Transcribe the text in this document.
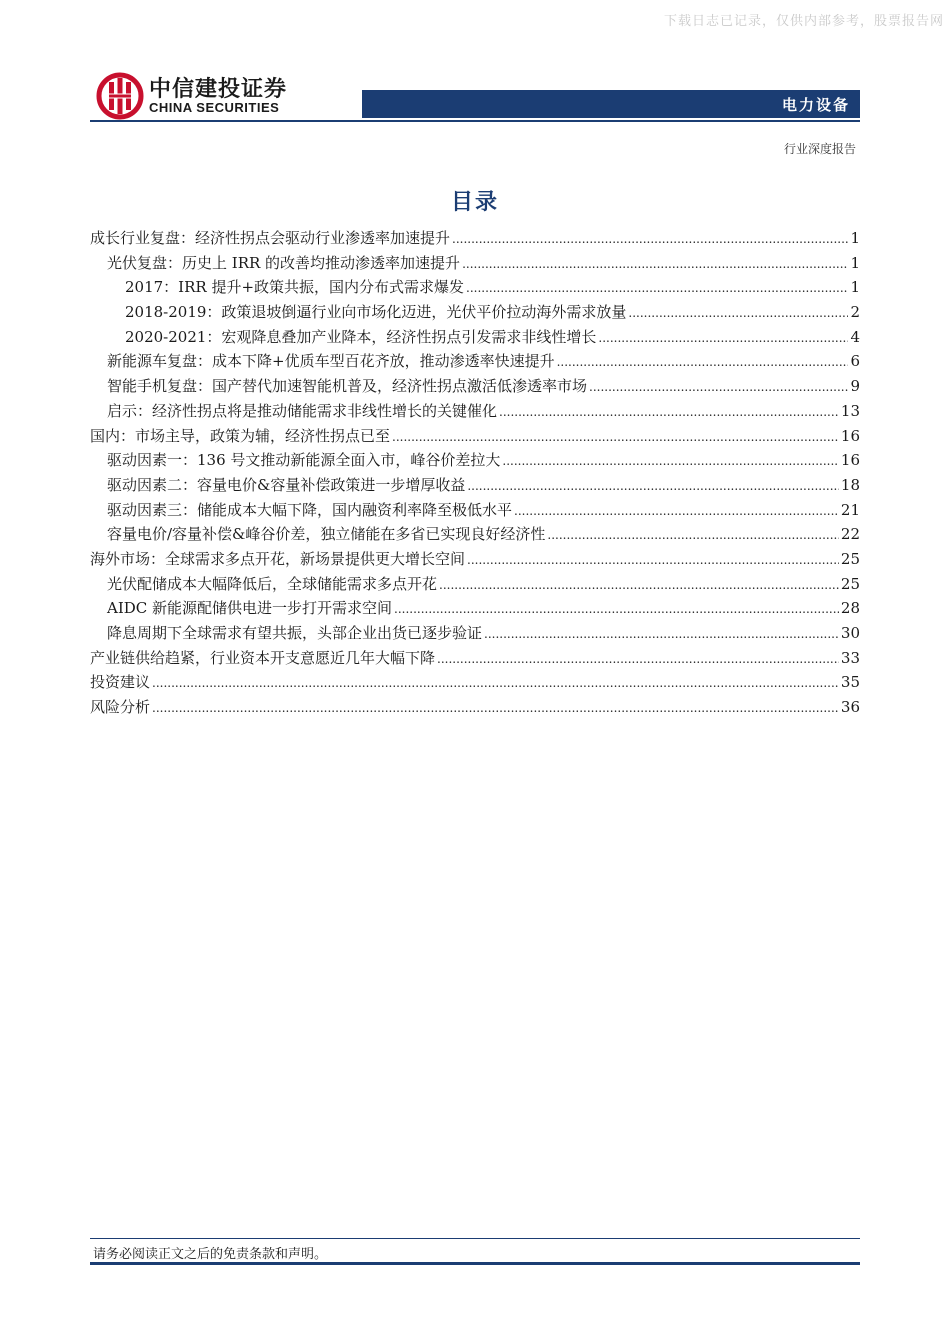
下载日志已记录，仅供内部参考，股票报告网
中信建投证券
CHINA SECURITIES	电力设备
行业深度报告
目录
成长行业复盘：经济性拐点会驱动行业渗透率加速提升 .....	1
光伏复盘：历史上 IRR 的改善均推动渗透率加速提升 .....	1
2017：IRR 提升+政策共振，国内分布式需求爆发 .....	1
2018-2019：政策退坡倒逼行业向市场化迈进，光伏平价拉动海外需求放量 .....	2
2020-2021：宏观降息叠加产业降本，经济性拐点引发需求非线性增长 .....	4
新能源车复盘：成本下降+优质车型百花齐放，推动渗透率快速提升 .....	6
智能手机复盘：国产替代加速智能机普及，经济性拐点激活低渗透率市场 .....	9
启示：经济性拐点将是推动储能需求非线性增长的关键催化 .....	13
国内：市场主导，政策为辅，经济性拐点已至 .....	16
驱动因素一：136 号文推动新能源全面入市，峰谷价差拉大 .....	16
驱动因素二：容量电价&容量补偿政策进一步增厚收益 .....	18
驱动因素三：储能成本大幅下降，国内融资利率降至极低水平 .....	21
容量电价/容量补偿&峰谷价差，独立储能在多省已实现良好经济性 .....	22
海外市场：全球需求多点开花，新场景提供更大增长空间 .....	25
光伏配储成本大幅降低后，全球储能需求多点开花 .....	25
AIDC 新能源配储供电进一步打开需求空间 .....	28
降息周期下全球需求有望共振，头部企业出货已逐步验证 .....	30
产业链供给趋紧，行业资本开支意愿近几年大幅下降 .....	33
投资建议 .....	35
风险分析 .....	36
请务必阅读正文之后的免责条款和声明。
